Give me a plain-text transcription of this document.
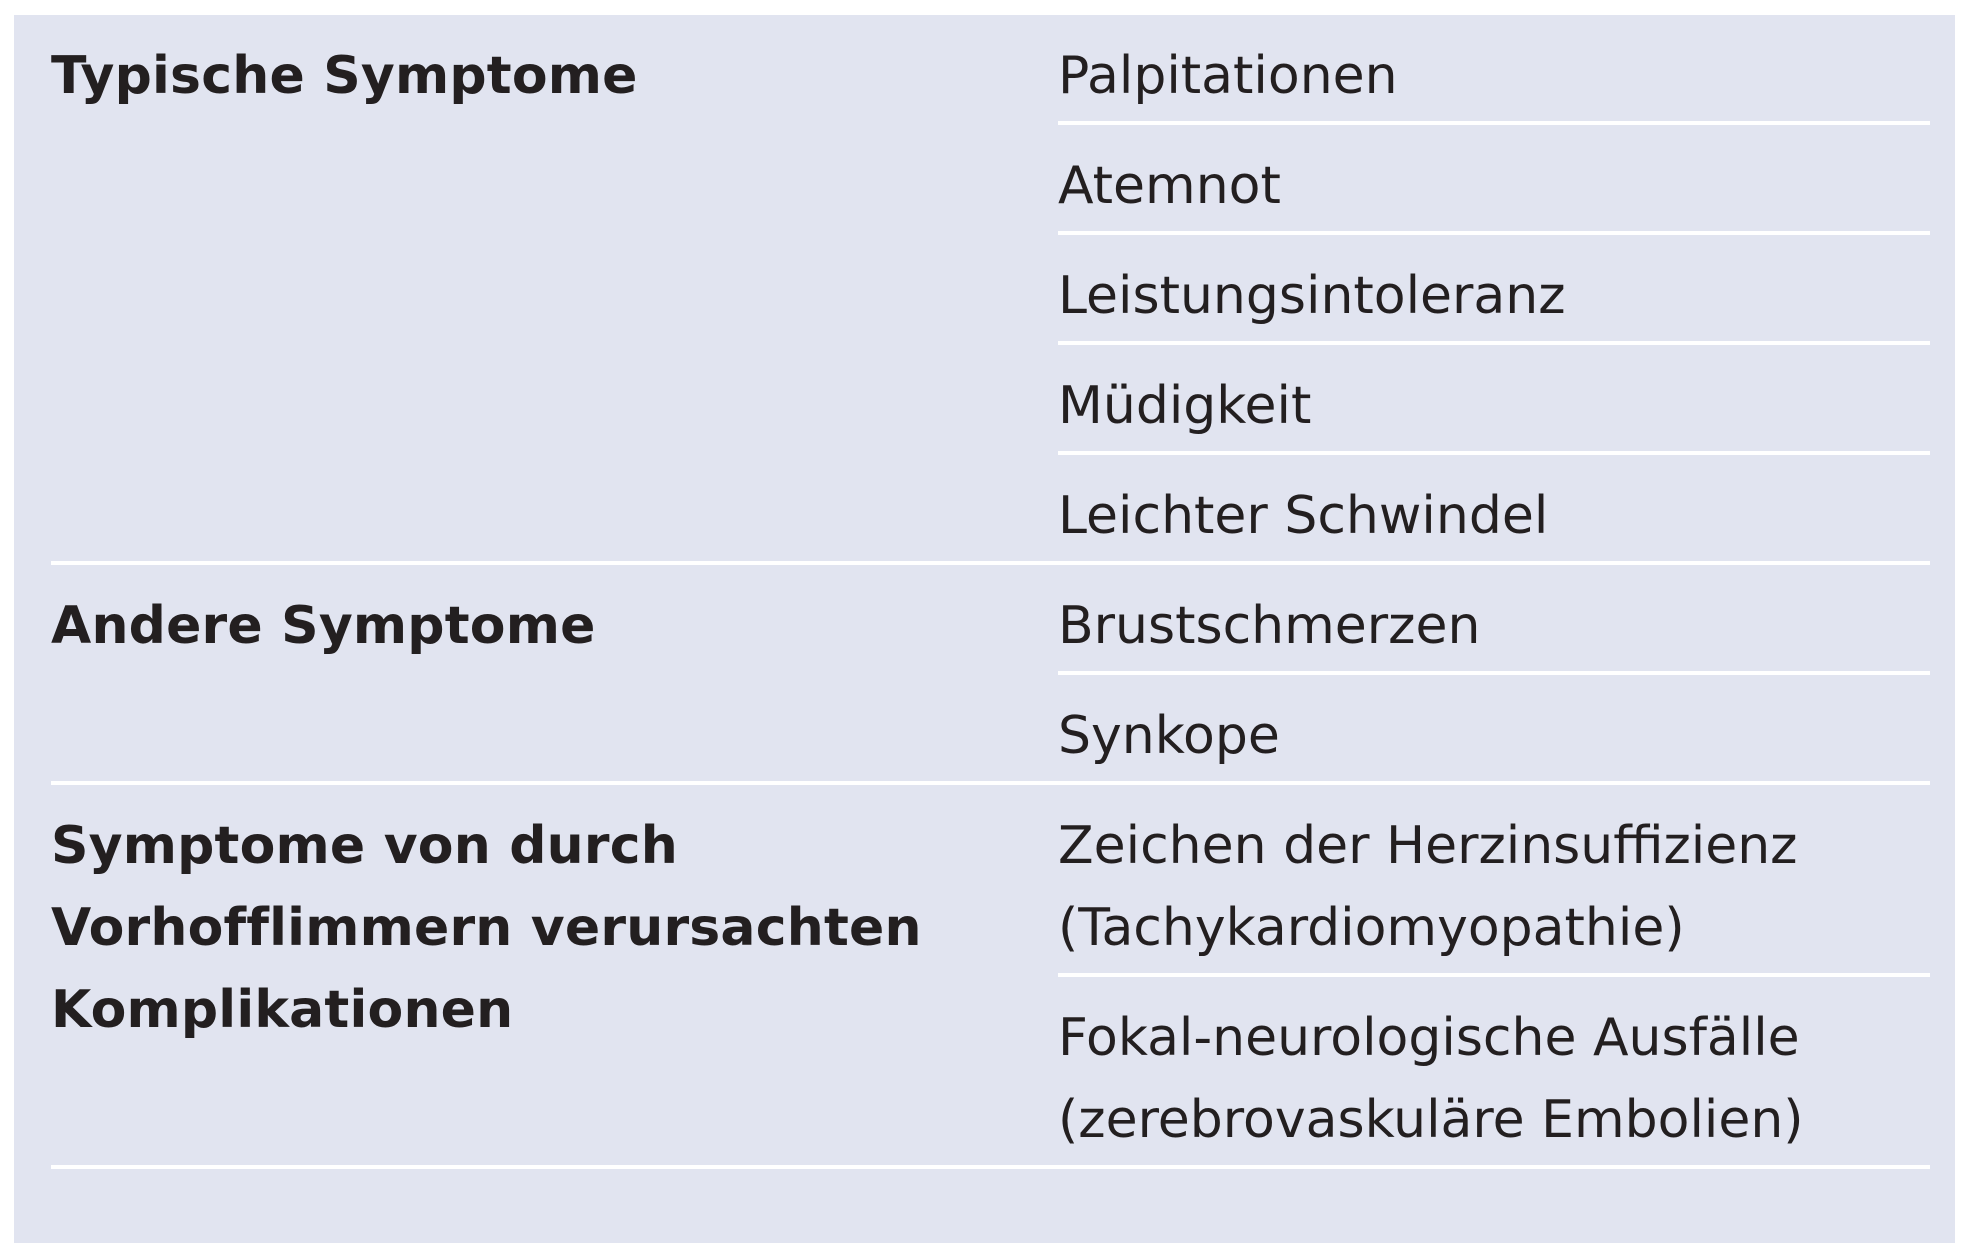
Typische Symptome	Palpitationen
Atemnot
Leistungsintoleranz
Müdigkeit
Leichter Schwindel
Andere Symptome	Brustschmerzen
Synkope
Symptome von durch
Vorhofflimmern verursachten
Komplikationen
Zeichen der Herzinsuffizienz
(Tachykardiomyopathie)
Fokal-neurologische Ausfälle
(zerebrovaskuläre Embolien)
